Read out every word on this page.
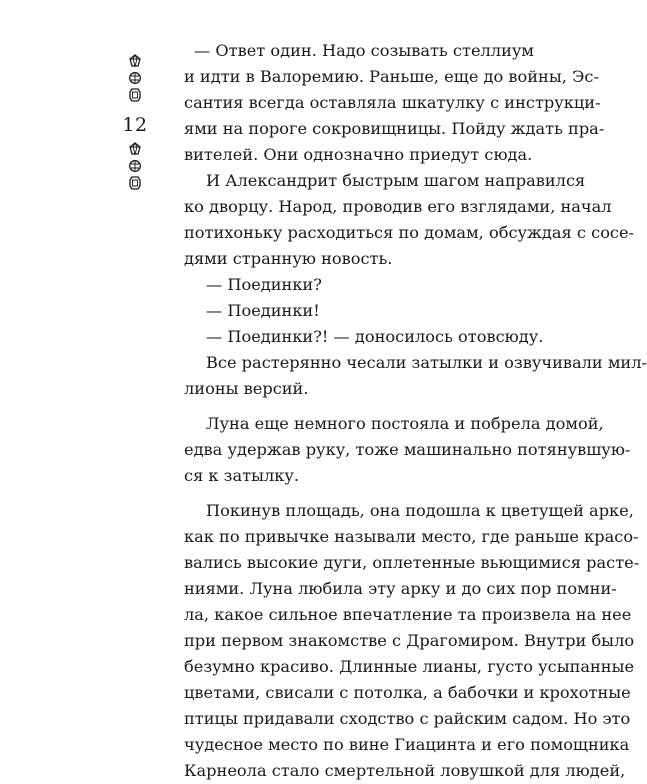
12
— Ответ один. Надо созывать стеллиум
и идти в Валоремию. Раньше, еще до войны, Эс-
сантия всегда оставляла шкатулку с инструкци-
ями на пороге сокровищницы. Пойду ждать пра-
вителей. Они однозначно приедут сюда.
И Александрит быстрым шагом направился
ко дворцу. Народ, проводив его взглядами, начал
потихоньку расходиться по домам, обсуждая с сосе-
дями странную новость.
— Поединки?
— Поединки!
— Поединки?! — доносилось отовсюду.
Все растерянно чесали затылки и озвучивали мил-
лионы версий.
Луна еще немного постояла и побрела домой,
едва удержав руку, тоже машинально потянувшую-
ся к затылку.
Покинув площадь, она подошла к цветущей арке,
как по привычке называли место, где раньше красо-
вались высокие дуги, оплетенные вьющимися расте-
ниями. Луна любила эту арку и до сих пор помни-
ла, какое сильное впечатление та произвела на нее
при первом знакомстве с Драгомиром. Внутри было
безумно красиво. Длинные лианы, густо усыпанные
цветами, свисали с потолка, а бабочки и крохотные
птицы придавали сходство с райским садом. Но это
чудесное место по вине Гиацинта и его помощника
Карнеола стало смертельной ловушкой для людей,
